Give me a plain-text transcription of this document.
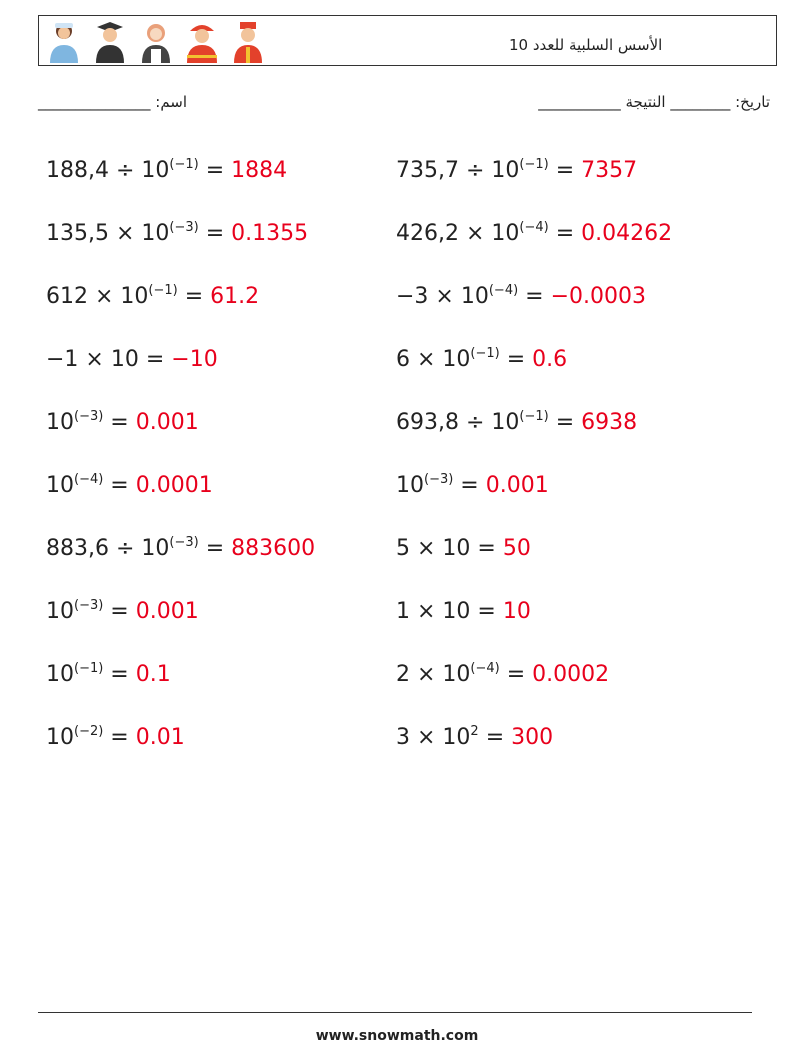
الأسس السلبية للعدد 10
اسم: _______________	تاريخ: ________ النتيجة ___________
$188,4 \div 10^{(-1)} = 1884$	$735,7 \div 10^{(-1)} = 7357$
$135,5 \times 10^{(-3)} = 0.1355$	$426,2 \times 10^{(-4)} = 0.04262$
$612 \times 10^{(-1)} = 61.2$	$-3 \times 10^{(-4)} = -0.0003$
−1 × 10 = −10	$6 \times 10^{(-1)} = 0.6$
$10^{(-3)} = 0.001$	$693,8 \div 10^{(-1)} = 6938$
$10^{(-4)} = 0.0001$	$10^{(-3)} = 0.001$
$883,6 \div 10^{(-3)} = 883600$	5 × 10 = 50
$10^{(-3)} = 0.001$	1 × 10 = 10
$10^{(-1)} = 0.1$	$2 \times 10^{(-4)} = 0.0002$
$10^{(-2)} = 0.01$	$3 \times 10^2 = 300$
www.snowmath.com
